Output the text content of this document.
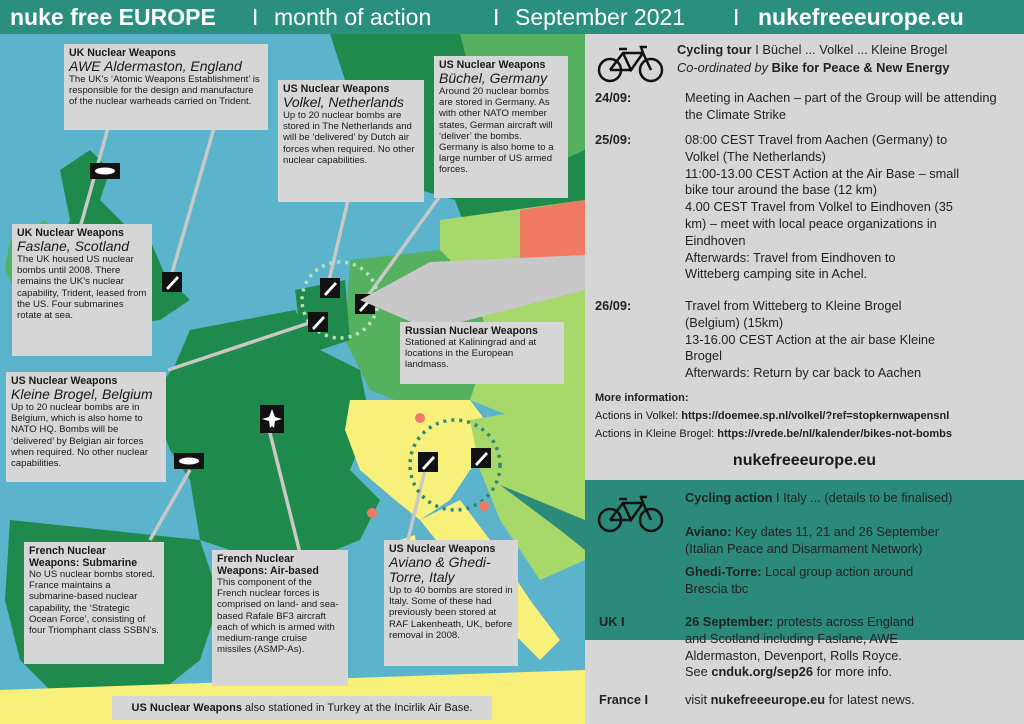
nuke free EUROPE I month of action	I September 2021 I nukefreeeurope.eu
UK Nuclear Weapons
AWE Aldermaston, England
The UK’s ‘Atomic Weapons Establishment’ is responsible for the design and manufacture of the nuclear warheads carried on Trident.
US Nuclear Weapons
Volkel, Netherlands
Up to 20 nuclear bombs are stored in The Netherlands and will be ‘delivered’ by Dutch air forces when required. No other nuclear capabilities.
US Nuclear Weapons
Büchel, Germany
Around 20 nuclear bombs are stored in Germany. As with other NATO member states, German aircraft will ‘deliver’ the bombs. Germany is also home to a large number of US armed forces.
UK Nuclear Weapons
Faslane, Scotland
The UK housed US nuclear bombs until 2008. There remains the UK’s nuclear capability, Trident, leased from the US. Four submarines rotate at sea.
Russian Nuclear Weapons
Stationed at Kaliningrad and at locations in the European landmass.
US Nuclear Weapons
Kleine Brogel, Belgium
Up to 20 nuclear bombs are in Belgium, which is also home to NATO HQ. Bombs will be ‘delivered’ by Belgian air forces when required. No other nuclear capabilities.
French Nuclear Weapons: Submarine
No US nuclear bombs stored. France maintains a submarine-based nuclear capability, the ‘Strategic Ocean Force’, consisting of four Triomphant class SSBN’s.
French Nuclear Weapons: Air-based
This component of the French nuclear forces is comprised on land- and sea-based Rafale BF3 aircraft each of which is armed with medium-range cruise missiles (ASMP-As).
US Nuclear Weapons
Aviano & Ghedi-Torre, Italy
Up to 40 bombs are stored in Italy. Some of these had previously been stored at RAF Lakenheath, UK, before removal in 2008.
US Nuclear Weapons also stationed in Turkey at the Incirlik Air Base.
Cycling tour I Büchel ... Volkel ... Kleine Brogel
Co-ordinated by Bike for Peace & New Energy
24/09:	Meeting in Aachen – part of the Group will be attending the Climate Strike
25/09:	08:00 CEST Travel from Aachen (Germany) to
Volkel (The Netherlands)
11:00-13.00 CEST Action at the Air Base – small
bike tour around the base (12 km)
4.00 CEST Travel from Volkel to Eindhoven (35
km) – meet with local peace organizations in
Eindhoven
Afterwards: Travel from Eindhoven to
Witteberg camping site in Achel.
26/09:	Travel from Witteberg to Kleine Brogel
(Belgium) (15km)
13-16.00 CEST Action at the air base Kleine
Brogel
Afterwards: Return by car back to Aachen
More information:
Actions in Volkel: https://doemee.sp.nl/volkel/?ref=stopkernwapensnl
Actions in Kleine Brogel: https://vrede.be/nl/kalender/bikes-not-bombs
nukefreeeurope.eu
Cycling action I Italy ... (details to be finalised)
Aviano: Key dates 11, 21 and 26 September
(Italian Peace and Disarmament Network)
Ghedi-Torre: Local group action around
Brescia tbc
UK I	26 September: protests across England
and Scotland including Faslane, AWE
Aldermaston, Devenport, Rolls Royce.
See cnduk.org/sep26 for more info.
France I	visit nukefreeeurope.eu for latest news.
